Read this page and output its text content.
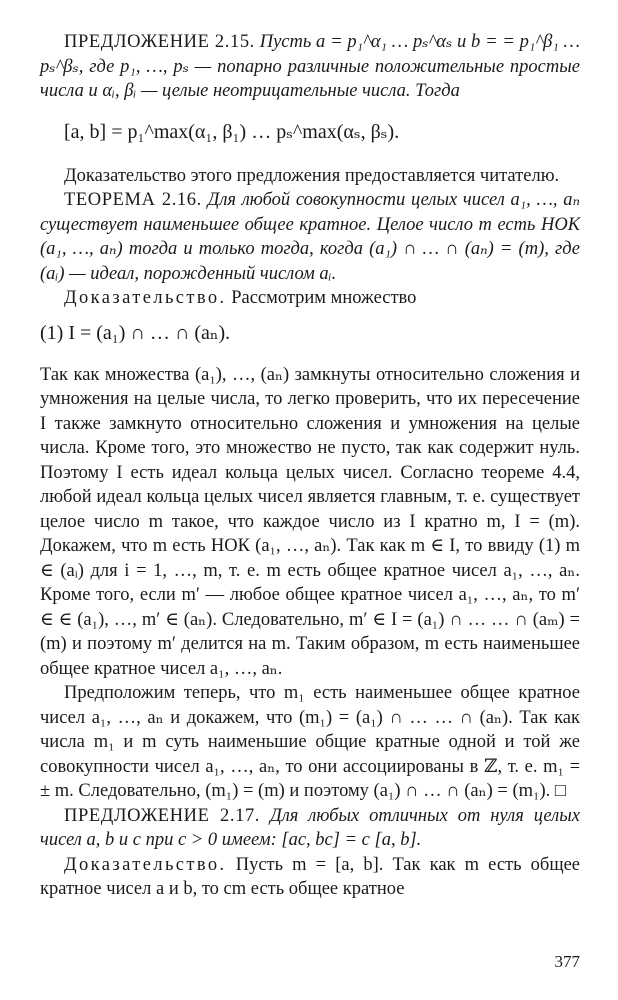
ПРЕДЛОЖЕНИЕ 2.15. Пусть a = p₁^α₁ … pₛ^αₛ и b = = p₁^β₁ … pₛ^βₛ, где p₁, …, pₛ — попарно различные положительные простые числа и αᵢ, βᵢ — целые неотрицательные числа. Тогда

[a, b] = p₁^max(α₁, β₁) … pₛ^max(αₛ, βₛ).

Доказательство этого предложения предоставляется читателю.

ТЕОРЕМА 2.16. Для любой совокупности целых чисел a₁, …, aₙ существует наименьшее общее кратное. Целое число m есть НОК (a₁, …, aₙ) тогда и только тогда, когда (a₁) ∩ … ∩ (aₙ) = (m), где (aᵢ) — идеал, порожденный числом aᵢ.

Доказательство. Рассмотрим множество

(1) I = (a₁) ∩ … ∩ (aₙ).

Так как множества (a₁), …, (aₙ) замкнуты относительно сложения и умножения на целые числа, то легко проверить, что их пересечение I также замкнуто относительно сложения и умножения на целые числа. Кроме того, это множество не пусто, так как содержит нуль. Поэтому I есть идеал кольца целых чисел. Согласно теореме 4.4, любой идеал кольца целых чисел является главным, т. е. существует целое число m такое, что каждое число из I кратно m, I = (m). Докажем, что m есть НОК (a₁, …, aₙ). Так как m ∈ I, то ввиду (1) m ∈ (aᵢ) для i = 1, …, m, т. е. m есть общее кратное чисел a₁, …, aₙ. Кроме того, если m′ — любое общее кратное чисел a₁, …, aₙ, то m′ ∈ ∈ (a₁), …, m′ ∈ (aₙ). Следовательно, m′ ∈ I = (a₁) ∩ … … ∩ (aₘ) = (m) и поэтому m′ делится на m. Таким образом, m есть наименьшее общее кратное чисел a₁, …, aₙ.

Предположим теперь, что m₁ есть наименьшее общее кратное чисел a₁, …, aₙ и докажем, что (m₁) = (a₁) ∩ … … ∩ (aₙ). Так как числа m₁ и m суть наименьшие общие кратные одной и той же совокупности чисел a₁, …, aₙ, то они ассоциированы в ℤ, т. е. m₁ = ± m. Следовательно, (m₁) = (m) и поэтому (a₁) ∩ … ∩ (aₙ) = (m₁). □

ПРЕДЛОЖЕНИЕ 2.17. Для любых отличных от нуля целых чисел a, b и c при c > 0 имеем: [ac, bc] = c [a, b].

Доказательство. Пусть m = [a, b]. Так как m есть общее кратное чисел a и b, то cm есть общее кратное

377
